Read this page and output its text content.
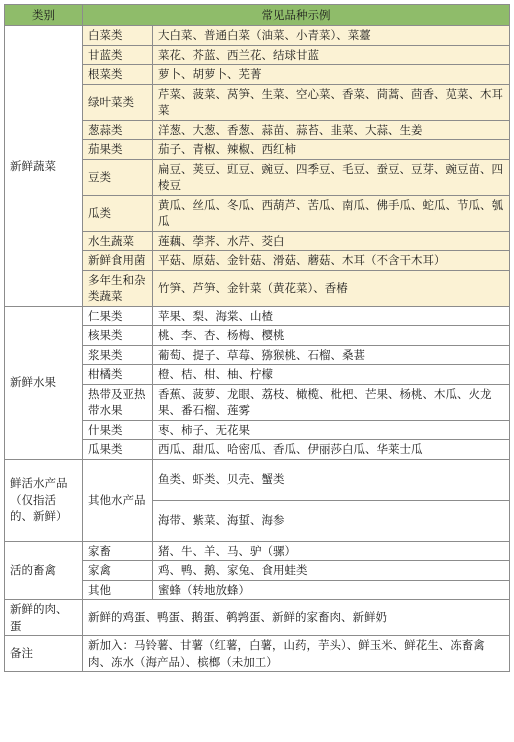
类别	常见品种示例	
新鲜蔬菜	白菜类	大白菜、普通白菜（油菜、小青菜）、菜薹
	甘蓝类	菜花、芥蓝、西兰花、结球甘蓝
	根菜类	萝卜、胡萝卜、芜菁
	绿叶菜类	芹菜、菠菜、莴笋、生菜、空心菜、香菜、茼蒿、茴香、苋菜、木耳菜
	葱蒜类	洋葱、大葱、香葱、蒜苗、蒜苔、韭菜、大蒜、生姜
	茄果类	茄子、青椒、辣椒、西红柿
	豆类	扁豆、荚豆、豇豆、豌豆、四季豆、毛豆、蚕豆、豆芽、豌豆苗、四棱豆
	瓜类	黄瓜、丝瓜、冬瓜、西葫芦、苦瓜、南瓜、佛手瓜、蛇瓜、节瓜、瓠瓜
	水生蔬菜	莲藕、荸荠、水芹、茭白
	新鲜食用菌	平菇、原菇、金针菇、滑菇、蘑菇、木耳（不含干木耳）
	多年生和杂类蔬菜	竹笋、芦笋、金针菜（黄花菜）、香椿
新鲜水果	仁果类	苹果、梨、海棠、山楂
	核果类	桃、李、杏、杨梅、樱桃
	浆果类	葡萄、提子、草莓、猕猴桃、石榴、桑葚
	柑橘类	橙、桔、柑、柚、柠檬
	热带及亚热带水果	香蕉、菠萝、龙眼、荔枝、橄榄、枇杷、芒果、杨桃、木瓜、火龙果、番石榴、莲雾
	什果类	枣、柿子、无花果
	瓜果类	西瓜、甜瓜、哈密瓜、香瓜、伊丽莎白瓜、华莱士瓜
鲜活水产品（仅指活的、新鲜）	其他水产品	鱼类、虾类、贝壳、蟹类
		海带、紫菜、海蜇、海参
活的畜禽	家畜	猪、牛、羊、马、驴（骡）
	家禽	鸡、鸭、鹅、家兔、食用蛙类
	其他	蜜蜂（转地放蜂）
新鲜的肉、蛋	新鲜的鸡蛋、鸭蛋、鹅蛋、鹌鹑蛋、新鲜的家畜肉、新鲜奶	
备注	新加入：马铃薯、甘薯（红薯，白薯，山药，芋头）、鲜玉米、鲜花生、冻畜禽肉、冻水（海产品）、槟榔（未加工）	
